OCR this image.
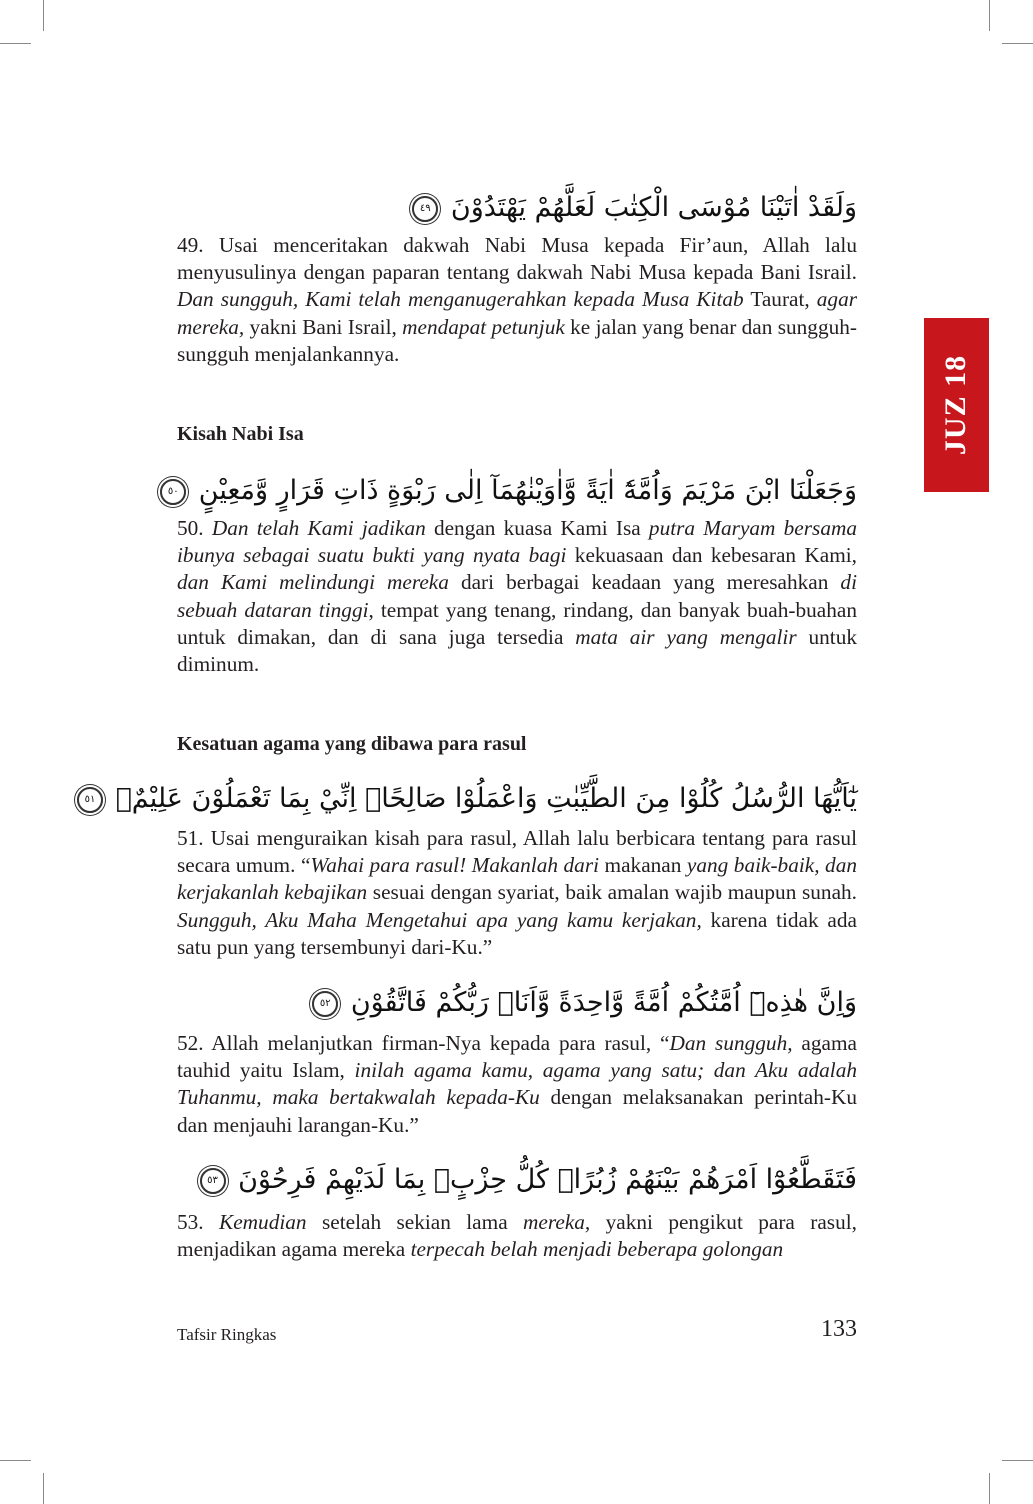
JUZ 18
وَلَقَدْ اٰتَيْنَا مُوْسَى الْكِتٰبَ لَعَلَّهُمْ يَهْتَدُوْنَ ٤٩
49. Usai menceritakan dakwah Nabi Musa kepada Fir’aun, Allah lalu menyusulinya dengan paparan tentang dakwah Nabi Musa kepada Bani Israil. Dan sungguh, Kami telah menganugerahkan kepada Musa Kitab Taurat, agar mereka, yakni Bani Israil, mendapat petunjuk ke jalan yang benar dan sungguh-sungguh menjalankannya.
Kisah Nabi Isa
وَجَعَلْنَا ابْنَ مَرْيَمَ وَاُمَّهٗٓ اٰيَةً وَّاٰوَيْنٰهُمَآ اِلٰى رَبْوَةٍ ذَاتِ قَرَارٍ وَّمَعِيْنٍ ٥٠
50. Dan telah Kami jadikan dengan kuasa Kami Isa putra Maryam bersama ibunya sebagai suatu bukti yang nyata bagi kekuasaan dan kebesaran Kami, dan Kami melindungi mereka dari berbagai keadaan yang meresahkan di sebuah dataran tinggi, tempat yang tenang, rindang, dan banyak buah-buahan untuk dimakan, dan di sana juga tersedia mata air yang mengalir untuk diminum.
Kesatuan agama yang dibawa para rasul
يٰٓاَيُّهَا الرُّسُلُ كُلُوْا مِنَ الطَّيِّبٰتِ وَاعْمَلُوْا صَالِحًاۗ اِنِّيْ بِمَا تَعْمَلُوْنَ عَلِيْمٌۗ ٥١
51. Usai menguraikan kisah para rasul, Allah lalu berbicara tentang para rasul secara umum. “Wahai para rasul! Makanlah dari makanan yang baik-baik, dan kerjakanlah kebajikan sesuai dengan syariat, baik amalan wajib maupun sunah. Sungguh, Aku Maha Mengetahui apa yang kamu kerjakan, karena tidak ada satu pun yang tersembunyi dari-Ku.”
وَاِنَّ هٰذِهٖٓ اُمَّتُكُمْ اُمَّةً وَّاحِدَةً وَّاَنَا۠ رَبُّكُمْ فَاتَّقُوْنِ ٥٢
52. Allah melanjutkan firman-Nya kepada para rasul, “Dan sungguh, agama tauhid yaitu Islam, inilah agama kamu, agama yang satu; dan Aku adalah Tuhanmu, maka bertakwalah kepada-Ku dengan melaksanakan perintah-Ku dan menjauhi larangan-Ku.”
فَتَقَطَّعُوْٓا اَمْرَهُمْ بَيْنَهُمْ زُبُرًاۗ كُلُّ حِزْبٍۢ بِمَا لَدَيْهِمْ فَرِحُوْنَ ٥٣
53. Kemudian setelah sekian lama mereka, yakni pengikut para rasul, menjadikan agama mereka terpecah belah menjadi beberapa golongan
Tafsir Ringkas	133
